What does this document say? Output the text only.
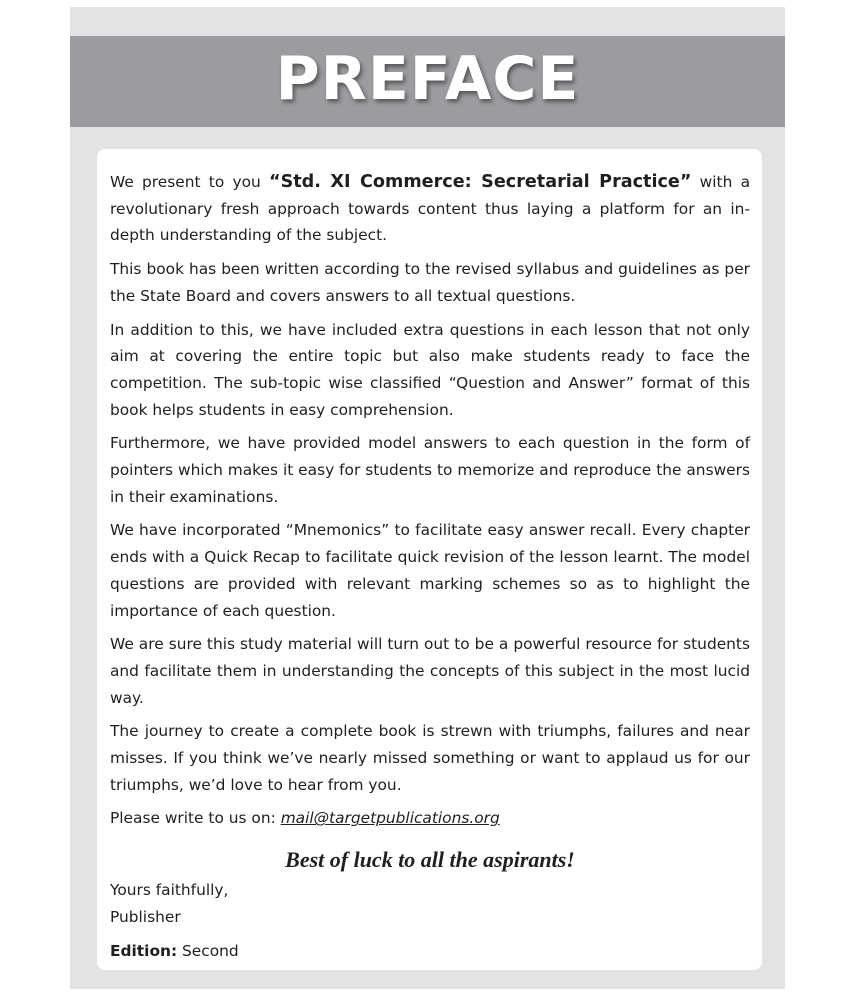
PREFACE

We present to you “Std. XI Commerce: Secretarial Practice” with a revolutionary fresh approach towards content thus laying a platform for an in-depth understanding of the subject.

This book has been written according to the revised syllabus and guidelines as per the State Board and covers answers to all textual questions.

In addition to this, we have included extra questions in each lesson that not only aim at covering the entire topic but also make students ready to face the competition. The sub-topic wise classified “Question and Answer” format of this book helps students in easy comprehension.

Furthermore, we have provided model answers to each question in the form of pointers which makes it easy for students to memorize and reproduce the answers in their examinations.

We have incorporated “Mnemonics” to facilitate easy answer recall. Every chapter ends with a Quick Recap to facilitate quick revision of the lesson learnt. The model questions are provided with relevant marking schemes so as to highlight the importance of each question.

We are sure this study material will turn out to be a powerful resource for students and facilitate them in understanding the concepts of this subject in the most lucid way.

The journey to create a complete book is strewn with triumphs, failures and near misses. If you think we’ve nearly missed something or want to applaud us for our triumphs, we’d love to hear from you.

Please write to us on: mail@targetpublications.org

Best of luck to all the aspirants!

Yours faithfully,

Publisher

Edition: Second
